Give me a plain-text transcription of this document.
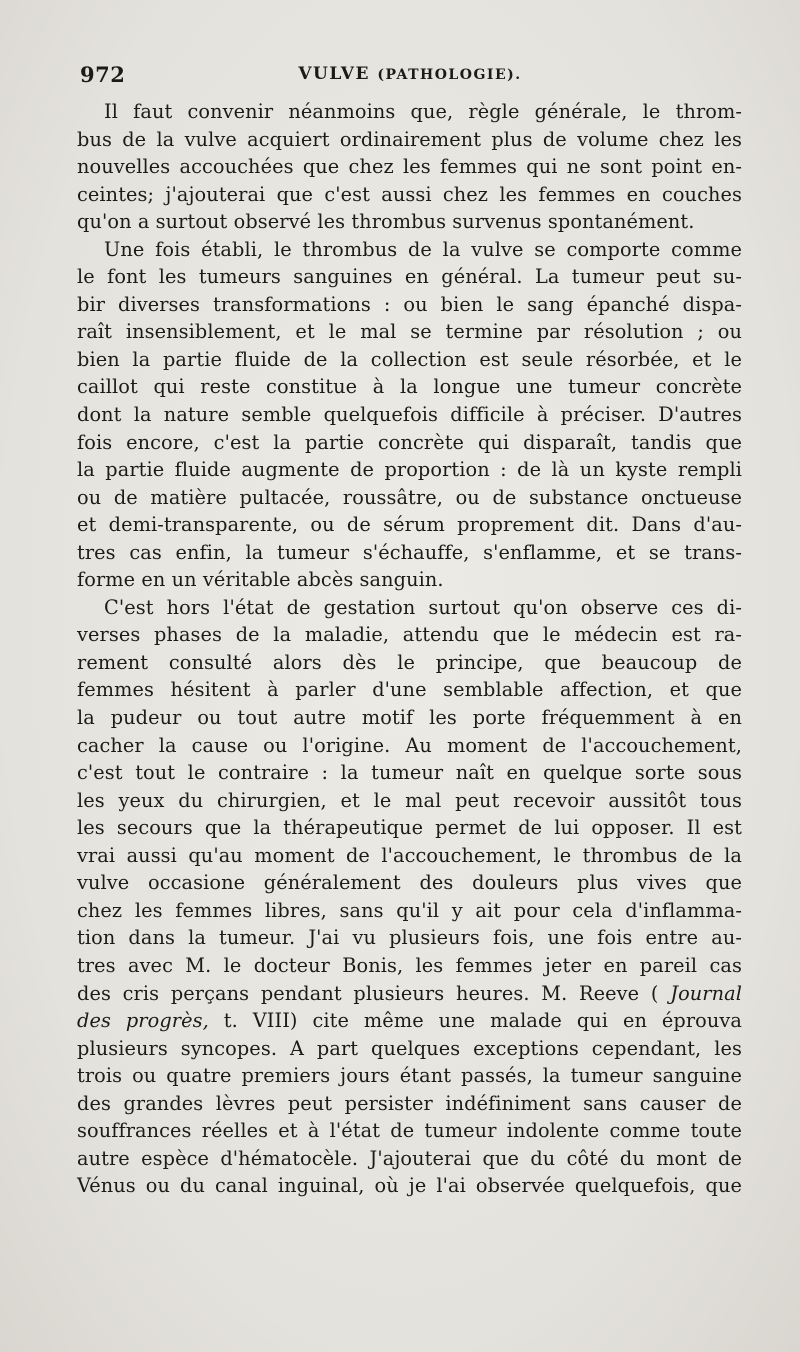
972	VULVE (PATHOLOGIE).
Il faut convenir néanmoins que, règle générale, le throm-
bus de la vulve acquiert ordinairement plus de volume chez les
nouvelles accouchées que chez les femmes qui ne sont point en-
ceintes; j'ajouterai que c'est aussi chez les femmes en couches
qu'on a surtout observé les thrombus survenus spontanément.
Une fois établi, le thrombus de la vulve se comporte comme
le font les tumeurs sanguines en général. La tumeur peut su-
bir diverses transformations : ou bien le sang épanché dispa-
raît insensiblement, et le mal se termine par résolution ; ou
bien la partie fluide de la collection est seule résorbée, et le
caillot qui reste constitue à la longue une tumeur concrète
dont la nature semble quelquefois difficile à préciser. D'autres
fois encore, c'est la partie concrète qui disparaît, tandis que
la partie fluide augmente de proportion : de là un kyste rempli
ou de matière pultacée, roussâtre, ou de substance onctueuse
et demi-transparente, ou de sérum proprement dit. Dans d'au-
tres cas enfin, la tumeur s'échauffe, s'enflamme, et se trans-
forme en un véritable abcès sanguin.
C'est hors l'état de gestation surtout qu'on observe ces di-
verses phases de la maladie, attendu que le médecin est ra-
rement consulté alors dès le principe, que beaucoup de
femmes hésitent à parler d'une semblable affection, et que
la pudeur ou tout autre motif les porte fréquemment à en
cacher la cause ou l'origine. Au moment de l'accouchement,
c'est tout le contraire : la tumeur naît en quelque sorte sous
les yeux du chirurgien, et le mal peut recevoir aussitôt tous
les secours que la thérapeutique permet de lui opposer. Il est
vrai aussi qu'au moment de l'accouchement, le thrombus de la
vulve occasione généralement des douleurs plus vives que
chez les femmes libres, sans qu'il y ait pour cela d'inflamma-
tion dans la tumeur. J'ai vu plusieurs fois, une fois entre au-
tres avec M. le docteur Bonis, les femmes jeter en pareil cas
des cris perçans pendant plusieurs heures. M. Reeve ( Journal
des progrès, t. VIII) cite même une malade qui en éprouva
plusieurs syncopes. A part quelques exceptions cependant, les
trois ou quatre premiers jours étant passés, la tumeur sanguine
des grandes lèvres peut persister indéfiniment sans causer de
souffrances réelles et à l'état de tumeur indolente comme toute
autre espèce d'hématocèle. J'ajouterai que du côté du mont de
Vénus ou du canal inguinal, où je l'ai observée quelquefois, que
